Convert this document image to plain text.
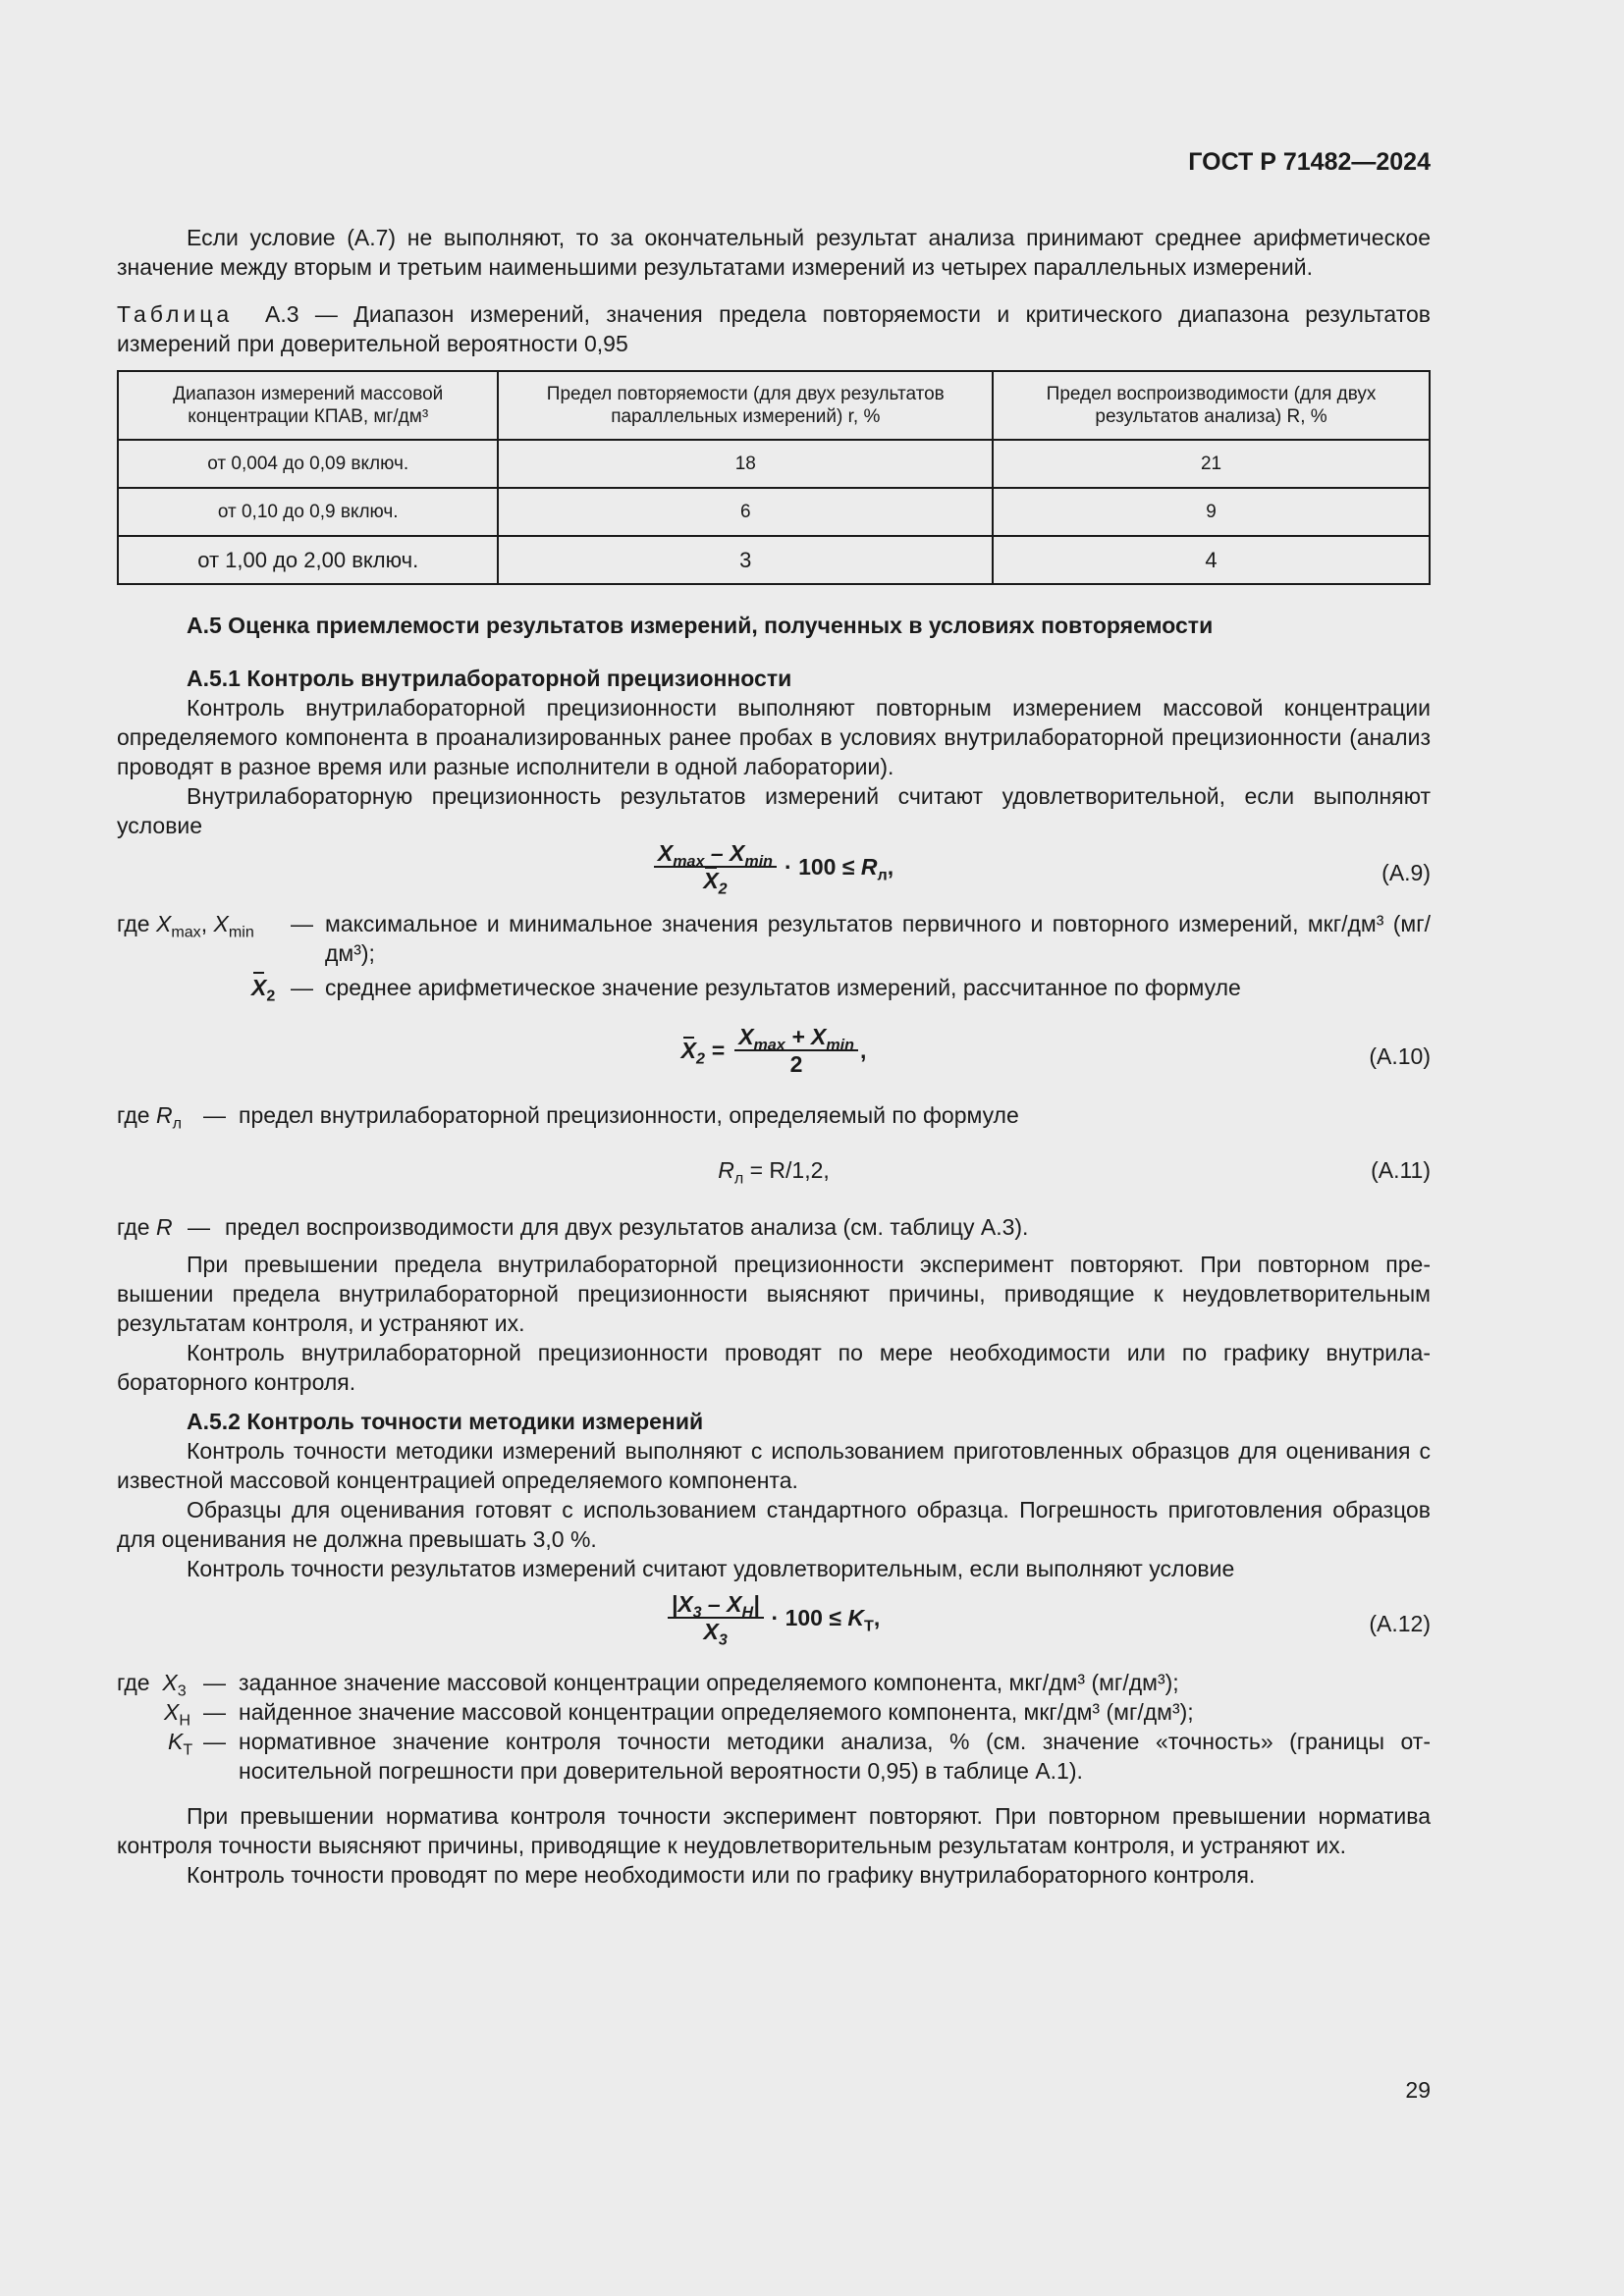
ГОСТ Р 71482—2024

Если условие (А.7) не выполняют, то за окончательный результат анализа принимают среднее арифметическое значение между вторым и третьим наименьшими результатами измерений из четырех параллельных измерений.

Таблица А.3 — Диапазон измерений, значения предела повторяемости и критического диапазона результатов измерений при доверительной вероятности 0,95

Диапазон измерений массовой концентрации КПАВ, мг/дм³	Предел повторяемости (для двух результатов параллельных измерений) r, %	Предел воспроизводимости (для двух результатов анализа) R, %
от 0,004 до 0,09 включ.	18	21
от 0,10 до 0,9 включ.	6	9
от 1,00 до 2,00 включ.	3	4
А.5 Оценка приемлемости результатов измерений, полученных в условиях повторяемости
А.5.1 Контроль внутрилабораторной прецизионности

Контроль внутрилабораторной прецизионности выполняют повторным измерением массовой концентрации определяемого компонента в проанализированных ранее пробах в условиях внутрилабораторной прецизионности (анализ проводят в разное время или разные исполнители в одной лаборатории).

Внутрилабораторную прецизионность результатов измерений считают удовлетворительной, если выполняют условие

$\frac{X_{max} - X_{min}}{X_2} \cdot 100 \le R_л$,	(А.9)
где $X_{max}$, $X_{min}$ — максимальное и минимальное значения результатов первичного и повторного измерений, мкг/дм³ (мг/дм³);
$X_2$ — среднее арифметическое значение результатов измерений, рассчитанное по формуле
$X_2 = \frac{X_{max} + X_{min}}{2}$ ,	(А.10)
где $R_л$ — предел внутрилабораторной прецизионности, определяемый по формуле
$R_л = R/1,2$,	(А.11)
где R — предел воспроизводимости для двух результатов анализа (см. таблицу А.3).

При превышении предела внутрилабораторной прецизионности эксперимент повторяют. При повторном превышении предела внутрилабораторной прецизионности выясняют причины, приводящие к неудовлетворительным результатам контроля, и устраняют их.

Контроль внутрилабораторной прецизионности проводят по мере необходимости или по графику внутрилабораторного контроля.

А.5.2 Контроль точности методики измерений

Контроль точности методики измерений выполняют с использованием приготовленных образцов для оценивания с известной массовой концентрацией определяемого компонента.

Образцы для оценивания готовят с использованием стандартного образца. Погрешность приготовления образцов для оценивания не должна превышать 3,0 %.

Контроль точности результатов измерений считают удовлетворительным, если выполняют условие

$\frac{|X_3 - X_Н|}{X_3} \cdot 100 \le K_Т$,	(А.12)
где $X_3$ — заданное значение массовой концентрации определяемого компонента, мкг/дм³ (мг/дм³);
$X_Н$ — найденное значение массовой концентрации определяемого компонента, мкг/дм³ (мг/дм³);
$K_Т$ — нормативное значение контроля точности методики анализа, % (см. значение «точность» (границы относительной погрешности при доверительной вероятности 0,95) в таблице А.1).

При превышении норматива контроля точности эксперимент повторяют. При повторном превышении норматива контроля точности выясняют причины, приводящие к неудовлетворительным результатам контроля, и устраняют их.

Контроль точности проводят по мере необходимости или по графику внутрилабораторного контроля.

29
